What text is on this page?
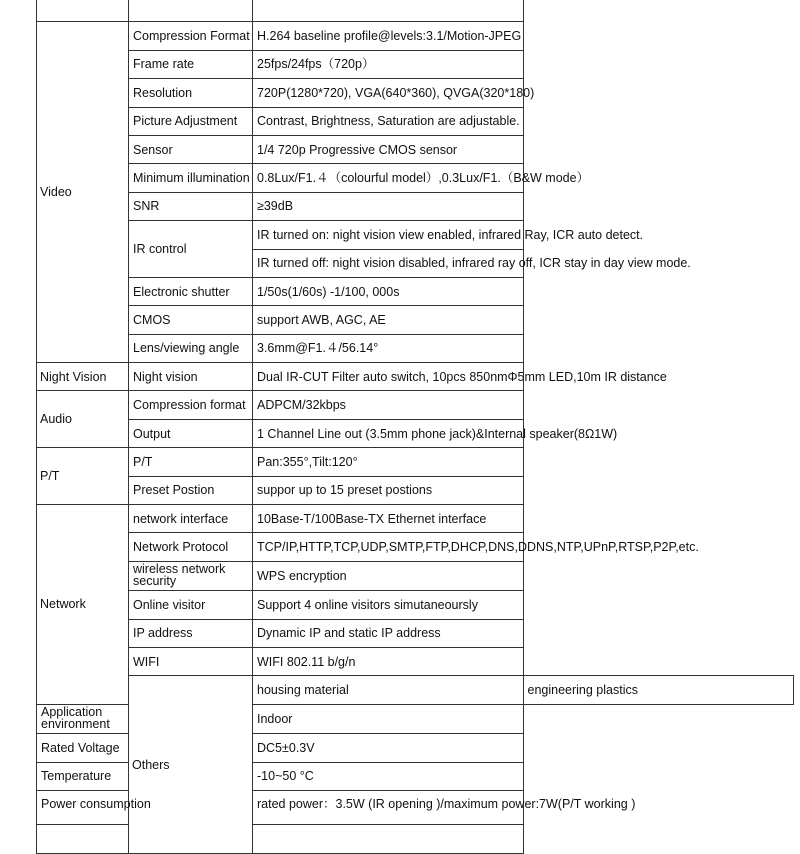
Video	Compression Format	H.264 baseline profile@levels:3.1/Motion-JPEG	
	Frame rate	25fps/24fps（720p）	
	Resolution	720P(1280*720), VGA(640*360), QVGA(320*180)	
	Picture Adjustment	Contrast, Brightness, Saturation are adjustable.	
	Sensor	1/4 720p Progressive CMOS sensor	
	Minimum illumination	0.8Lux/F1.４（colourful model）,0.3Lux/F1.（B&W mode）	
	SNR	≥39dB	
	IR control	IR turned on: night vision view enabled, infrared Ray, ICR auto detect.	
		IR turned off: night vision disabled, infrared ray off, ICR stay in day view mode.	
	Electronic shutter	1/50s(1/60s) -1/100, 000s	
	CMOS	support AWB, AGC, AE	
	Lens/viewing angle	3.6mm@F1.４/56.14°	
Night Vision	Night vision	Dual IR-CUT Filter auto switch, 10pcs 850nmΦ5mm LED,10m IR distance	
Audio	Compression format	ADPCM/32kbps	
	Output	1 Channel Line out (3.5mm phone jack)&Internal speaker(8Ω1W)	
P/T	P/T	Pan:355°,Tilt:120°	
	Preset Postion	suppor up to 15 preset postions	
Network	network interface	10Base-T/100Base-TX Ethernet interface	
	Network Protocol	TCP/IP,HTTP,TCP,UDP,SMTP,FTP,DHCP,DNS,DDNS,NTP,UPnP,RTSP,P2P,etc.	
	wireless network security	WPS encryption	
	Online visitor	Support 4 online visitors simutaneoursly	
	IP address	Dynamic IP and static IP address	
	WIFI	WIFI 802.11 b/g/n	
	Others	housing material	engineering plastics
Application environment		Indoor	
Rated Voltage		DC5±0.3V	
Temperature		-10~50 °C	
Power consumption		rated power：3.5W (IR opening )/maximum power:7W(P/T working )	
